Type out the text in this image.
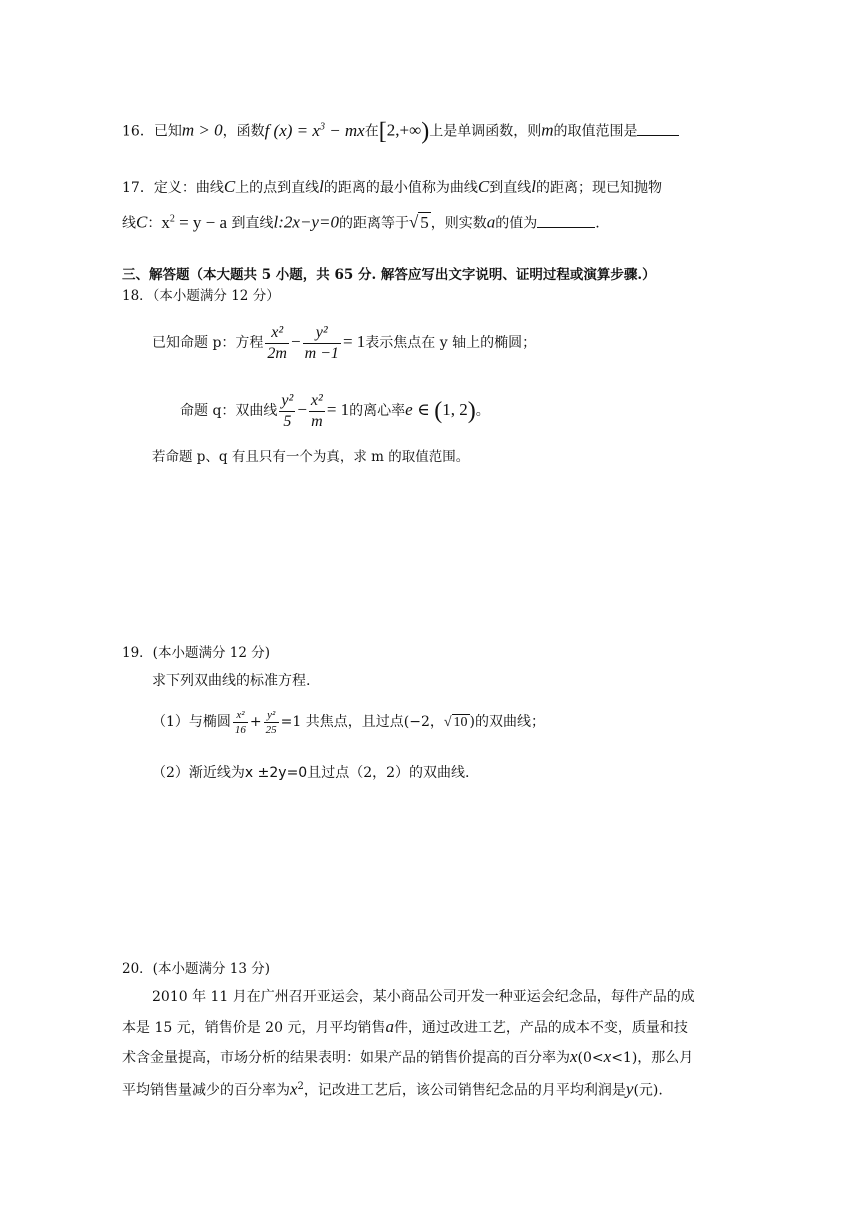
16．已知m > 0，函数f $(x) = x^3$ − mx在[2,+∞)上是单调函数，则m的取值范围是
17．定义：曲线C上的点到直线l的距离的最小值称为曲线C到直线l的距离；现已知抛物
线C：$x^2 = y - a$ 到直线l:2x−y=0的距离等于√ 5 ，则实数a的值为	.
三、解答题（本大题共 5 小题，共 65 分. 解答应写出文字说明、证明过程或演算步骤.）
18．（本小题满分 12 分）
已知命题 p：方程 $\frac{\text{x²}}{2m} - \frac{\text{y²}}{m -1} = 1$表示焦点在 y 轴上的椭圆；
命题 q：双曲线 $\frac{\text{y²}}{5} - \frac{\text{x²}}{m} = 1$的离心率e ∈ (1, 2)。
若命题 p、q 有且只有一个为真，求 m 的取值范围。
19．(本小题满分 12 分)
求下列双曲线的标准方程.
（1）与椭圆 $\frac{\text{x²}}{16} + \frac{\text{y²}}{25} =1$ 共焦点，且过点(−2，√ 10 )的双曲线；
（2）渐近线为x ±2y=0且过点（2，2）的双曲线.
20．(本小题满分 13 分)
2010 年 11 月在广州召开亚运会，某小商品公司开发一种亚运会纪念品，每件产品的成
本是 15 元，销售价是 20 元，月平均销售a件，通过改进工艺，产品的成本不变，质量和技
术含金量提高，市场分析的结果表明：如果产品的销售价提高的百分率为x(0<x<1)，那么月
平均销售量减少的百分率为$x^2$，记改进工艺后，该公司销售纪念品的月平均利润是y(元).
